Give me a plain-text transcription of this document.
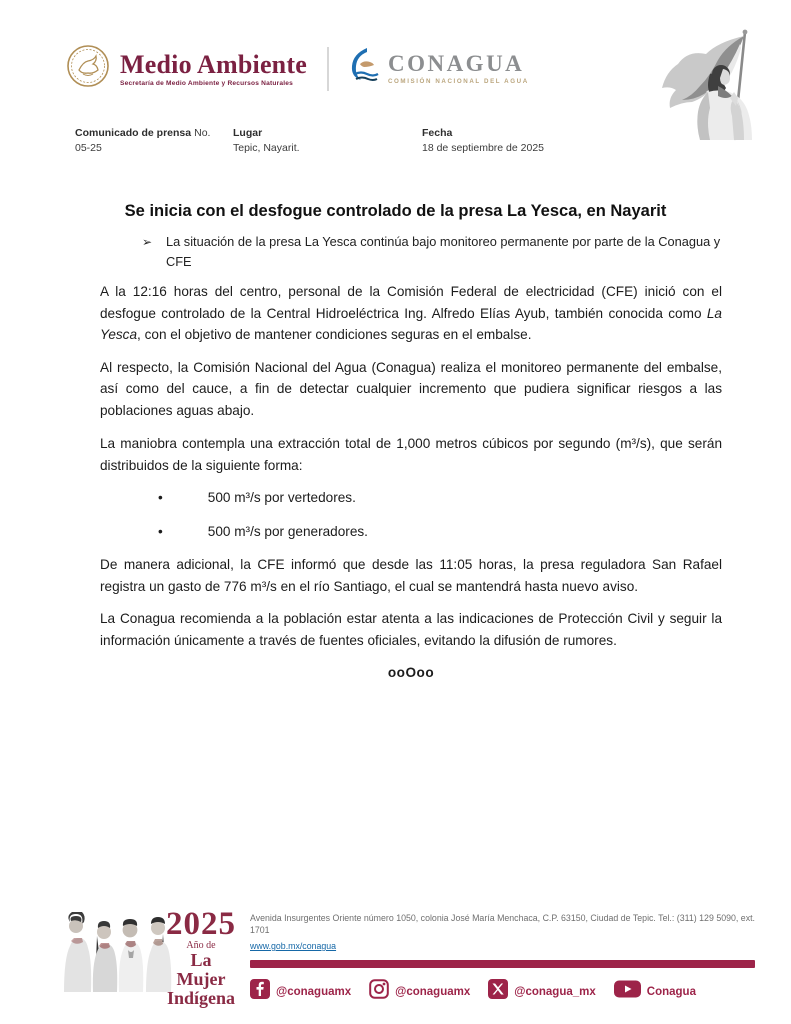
Medio Ambiente
Secretaría de Medio Ambiente y Recursos Naturales
CONAGUA
COMISIÓN NACIONAL DEL AGUA
Comunicado de prensa No.
05-25
Lugar
Tepic, Nayarit.
Fecha
18 de septiembre de 2025
Se inicia con el desfogue controlado de la presa La Yesca, en Nayarit
➢	La situación de la presa La Yesca continúa bajo monitoreo permanente por parte de la Conagua y CFE

A la 12:16 horas del centro, personal de la Comisión Federal de electricidad (CFE) inició con el desfogue controlado de la Central Hidroeléctrica Ing. Alfredo Elías Ayub, también conocida como La Yesca, con el objetivo de mantener condiciones seguras en el embalse.

Al respecto, la Comisión Nacional del Agua (Conagua) realiza el monitoreo permanente del embalse, así como del cauce, a fin de detectar cualquier incremento que pudiera significar riesgos a las poblaciones aguas abajo.

La maniobra contempla una extracción total de 1,000 metros cúbicos por segundo (m³/s), que serán distribuidos de la siguiente forma:

•	500 m³/s por vertedores.
•	500 m³/s por generadores.

De manera adicional, la CFE informó que desde las 11:05 horas, la presa reguladora San Rafael registra un gasto de 776 m³/s en el río Santiago, el cual se mantendrá hasta nuevo aviso.

La Conagua recomienda a la población estar atenta a las indicaciones de Protección Civil y seguir la información únicamente a través de fuentes oficiales, evitando la difusión de rumores.

ooOoo
2025
Año de
La Mujer
Indígena
Avenida Insurgentes Oriente número 1050, colonia José María Menchaca, C.P. 63150, Ciudad de Tepic. Tel.: (311) 129 5090, ext. 1701
www.gob.mx/conagua
@conaguamx	@conaguamx	@conagua_mx	Conagua
